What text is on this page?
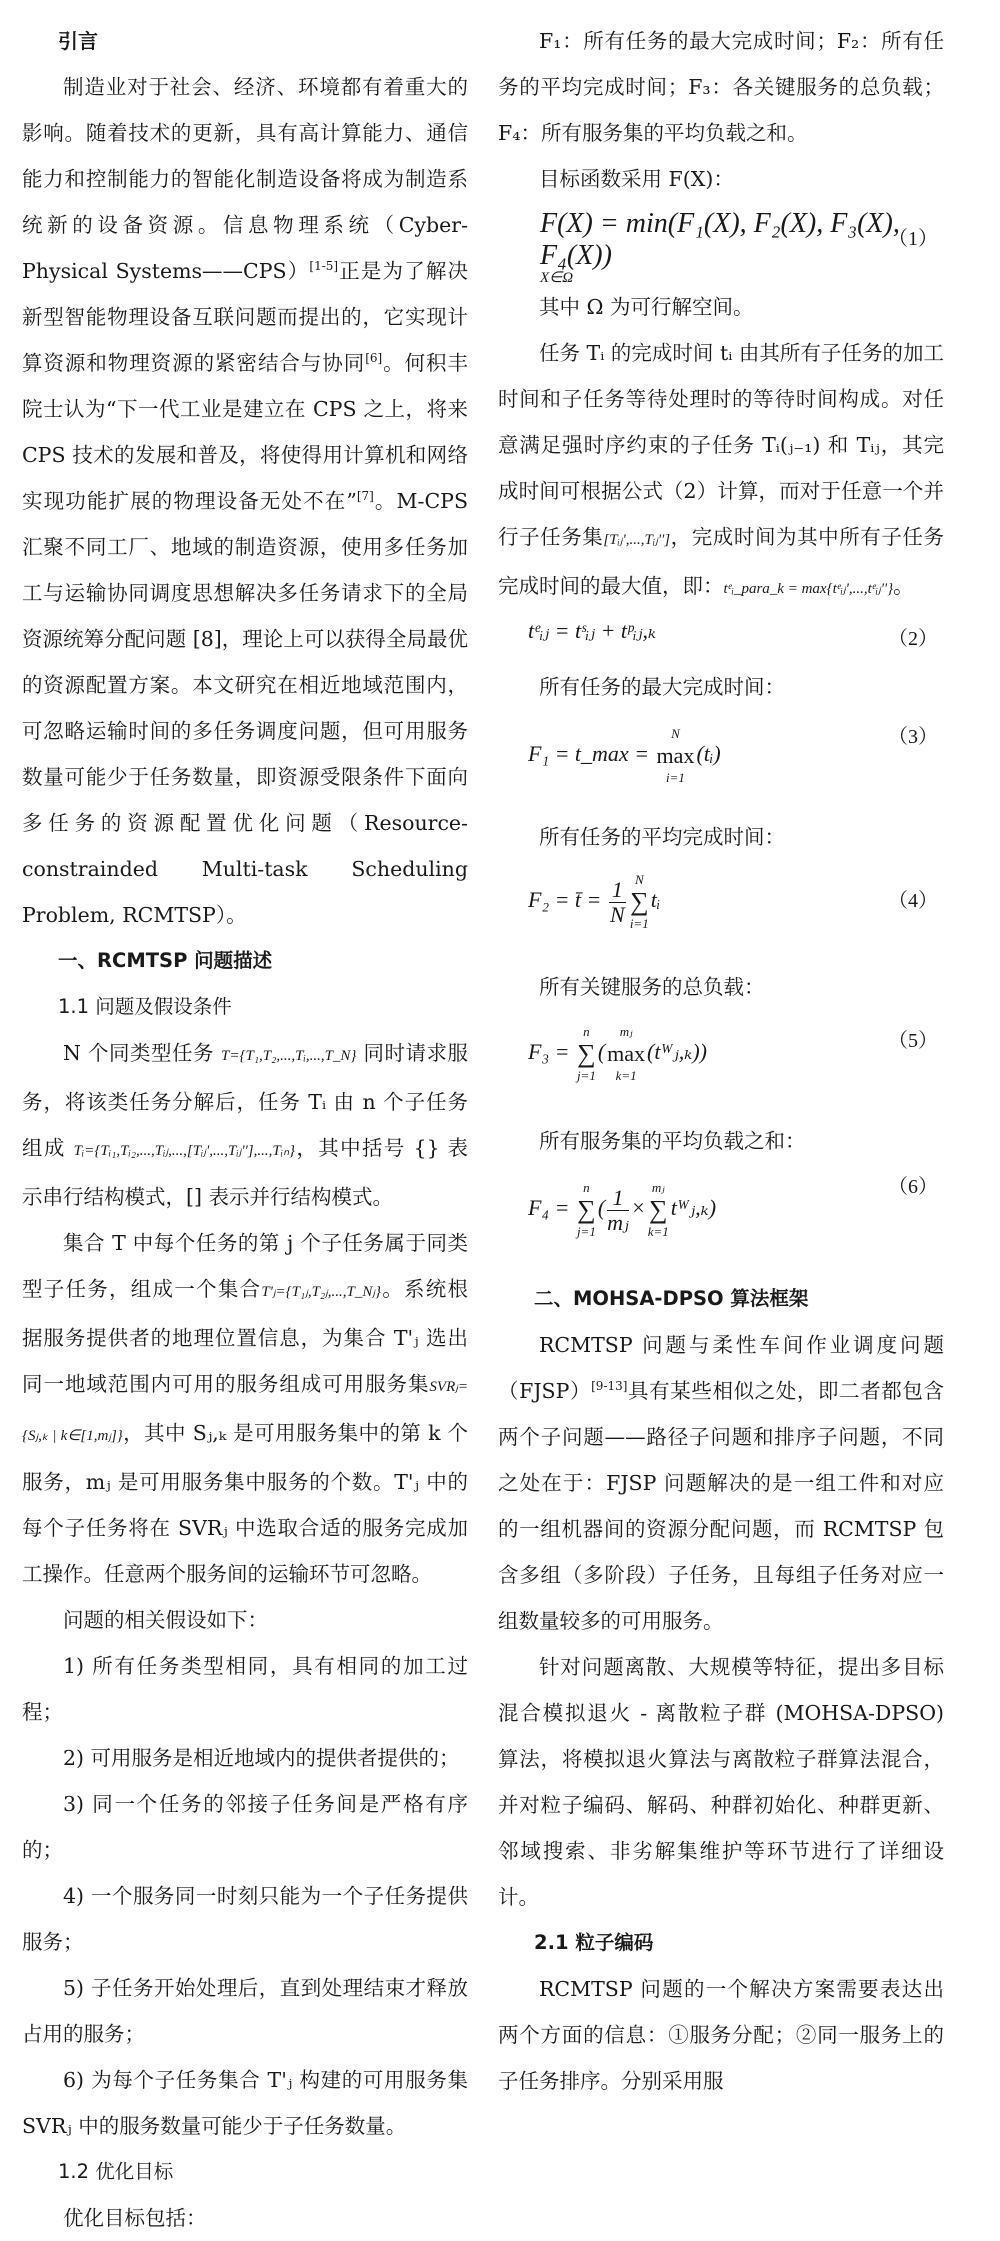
引言

制造业对于社会、经济、环境都有着重大的影响。随着技术的更新，具有高计算能力、通信能力和控制能力的智能化制造设备将成为制造系统新的设备资源。信息物理系统（Cyber-Physical Systems——CPS）[1-5]正是为了解决新型智能物理设备互联问题而提出的，它实现计算资源和物理资源的紧密结合与协同[6]。何积丰院士认为“下一代工业是建立在 CPS 之上，将来 CPS 技术的发展和普及，将使得用计算机和网络实现功能扩展的物理设备无处不在”[7]。M-CPS 汇聚不同工厂、地域的制造资源，使用多任务加工与运输协同调度思想解决多任务请求下的全局资源统筹分配问题 [8]，理论上可以获得全局最优的资源配置方案。本文研究在相近地域范围内，可忽略运输时间的多任务调度问题，但可用服务数量可能少于任务数量，即资源受限条件下面向多任务的资源配置优化问题（Resource-constrainded Multi-task Scheduling Problem, RCMTSP）。

一、RCMTSP 问题描述

1.1 问题及假设条件

N 个同类型任务 T={T₁,T₂,...,Tᵢ,...,T_N} 同时请求服务，将该类任务分解后，任务 Tᵢ 由 n 个子任务组成 Tᵢ={Tᵢ₁,Tᵢ₂,...,Tᵢⱼ,...,[Tᵢⱼ',...,Tᵢⱼ''],...,Tᵢₙ}，其中括号 {} 表示串行结构模式，[] 表示并行结构模式。

集合 T 中每个任务的第 j 个子任务属于同类型子任务，组成一个集合T'ⱼ={T₁ⱼ,T₂ⱼ,...,T_Nⱼ}。系统根据服务提供者的地理位置信息，为集合 T'ⱼ 选出同一地域范围内可用的服务组成可用服务集SVRⱼ={Sⱼ,ₖ | k∈[1,mⱼ]}，其中 Sⱼ,ₖ 是可用服务集中的第 k 个服务，mⱼ 是可用服务集中服务的个数。T'ⱼ 中的每个子任务将在 SVRⱼ 中选取合适的服务完成加工操作。任意两个服务间的运输环节可忽略。

问题的相关假设如下：

1) 所有任务类型相同，具有相同的加工过程；

2) 可用服务是相近地域内的提供者提供的；

3) 同一个任务的邻接子任务间是严格有序的；

4) 一个服务同一时刻只能为一个子任务提供服务；

5) 子任务开始处理后，直到处理结束才释放占用的服务；

6) 为每个子任务集合 T'ⱼ 构建的可用服务集 SVRⱼ 中的服务数量可能少于子任务数量。

1.2 优化目标

优化目标包括：

F₁：所有任务的最大完成时间；F₂：所有任务的平均完成时间；F₃：各关键服务的总负载；F₄：所有服务集的平均负载之和。

目标函数采用 F(X)：

F(X) = min(F₁(X), F₂(X), F₃(X), F₄(X))
X∈Ω
（1）

其中 Ω 为可行解空间。

任务 Tᵢ 的完成时间 tᵢ 由其所有子任务的加工时间和子任务等待处理时的等待时间构成。对任意满足强时序约束的子任务 Tᵢ(ⱼ₋₁) 和 Tᵢⱼ，其完成时间可根据公式（2）计算，而对于任意一个并行子任务集[Tᵢⱼ',...,Tᵢⱼ'']，完成时间为其中所有子任务完成时间的最大值，即：tᵉᵢ_para_k = max{tᵉᵢⱼ',...,tᵉᵢⱼ''}。

tᵉᵢⱼ = tˢᵢⱼ + tᵖᵢⱼ,ₖ	（2）

所有任务的最大完成时间：

F₁ = t_max =
N
max
i=1
(tᵢ)
（3）

所有任务的平均完成时间：

F₂ = t̄ = $\frac{1}{N}$ N
∑
i=1
tᵢ	（4）

所有关键服务的总负载：

F₃ =
n
∑
j=1
(
mⱼ
max
k=1
(tᵂⱼ,ₖ))	（5）

所有服务集的平均负载之和：

F₄ =
n
∑
j=1
( $\frac{1}{\text{mⱼ}}$ ×
mⱼ
∑
k=1
tᵂⱼ,ₖ)
（6）

二、MOHSA-DPSO 算法框架

RCMTSP 问题与柔性车间作业调度问题（FJSP）[9-13]具有某些相似之处，即二者都包含两个子问题——路径子问题和排序子问题，不同之处在于：FJSP 问题解决的是一组工件和对应的一组机器间的资源分配问题，而 RCMTSP 包含多组（多阶段）子任务，且每组子任务对应一组数量较多的可用服务。

针对问题离散、大规模等特征，提出多目标混合模拟退火 - 离散粒子群 (MOHSA-DPSO) 算法，将模拟退火算法与离散粒子群算法混合，并对粒子编码、解码、种群初始化、种群更新、邻域搜索、非劣解集维护等环节进行了详细设计。

2.1 粒子编码

RCMTSP 问题的一个解决方案需要表达出两个方面的信息：①服务分配；②同一服务上的子任务排序。分别采用服
